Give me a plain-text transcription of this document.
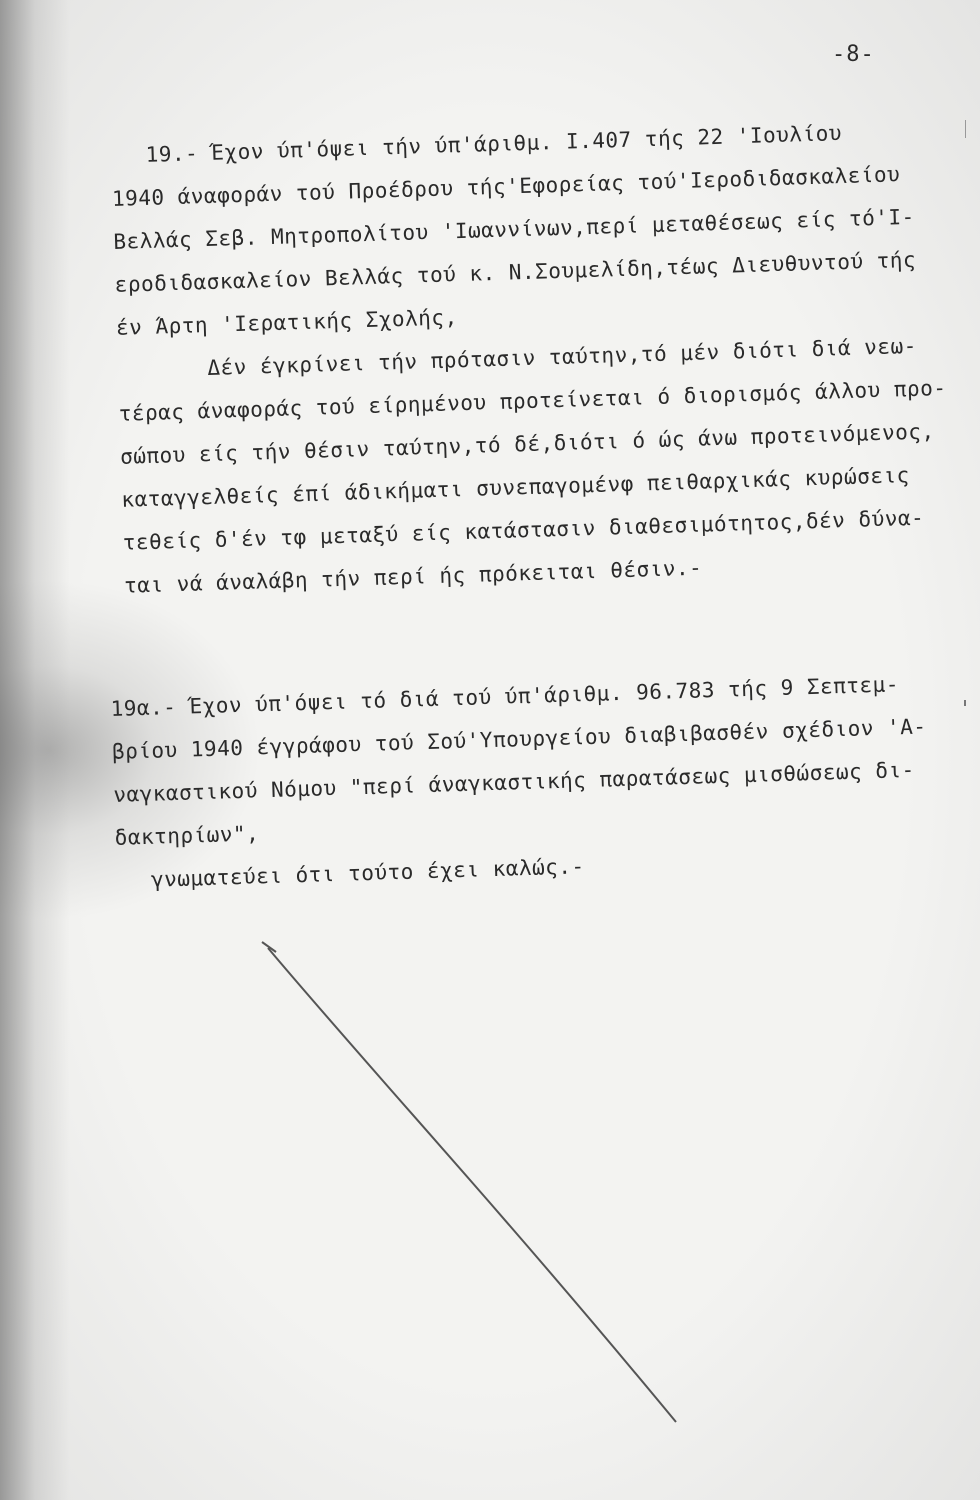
-8-
19.- Έχον ύπ'όψει τήν ύπ'άριθμ. Ι.407 τής 22 'Ιουλίου
1940 άναφοράν τού Προέδρου τής'Εφορείας τού'Ιεροδιδασκαλείου
Βελλάς Σεβ. Μητροπολίτου 'Ιωαννίνων,περί μεταθέσεως είς τό'Ι-
εροδιδασκαλείον Βελλάς τού κ. Ν.Σουμελίδη,τέως Διευθυντού τής
έν Άρτη 'Ιερατικής Σχολής,
Δέν έγκρίνει τήν πρότασιν ταύτην,τό μέν διότι διά νεω-
τέρας άναφοράς τού είρημένου προτείνεται ό διορισμός άλλου προ-
σώπου είς τήν θέσιν ταύτην,τό δέ,διότι ό ώς άνω προτεινόμενος,
καταγγελθείς έπί άδικήματι συνεπαγομένφ πειθαρχικάς κυρώσεις
τεθείς δ'έν τφ μεταξύ είς κατάστασιν διαθεσιμότητος,δέν δύνα-
ται νά άναλάβη τήν περί ής πρόκειται θέσιν.-
19α.- Έχον ύπ'όψει τό διά τού ύπ'άριθμ. 96.783 τής 9 Σεπτεμ-
βρίου 1940 έγγράφου τού Σού'Υπουργείου διαβιβασθέν σχέδιον 'Α-
ναγκαστικού Νόμου "περί άναγκαστικής παρατάσεως μισθώσεως δι-
δακτηρίων",
γνωματεύει ότι τούτο έχει καλώς.-
